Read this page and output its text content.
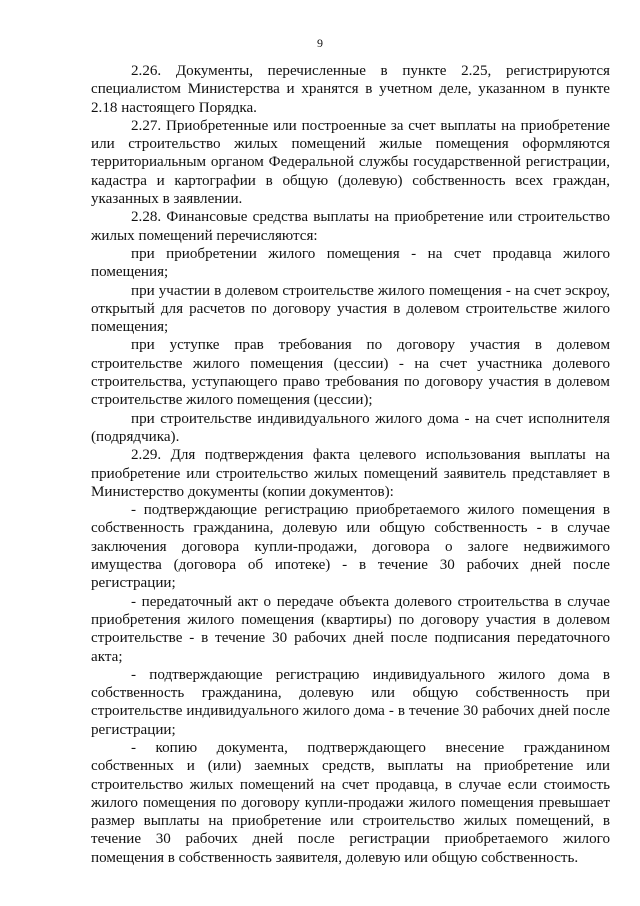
9

2.26. Документы, перечисленные в пункте 2.25, регистрируются специалистом Министерства и хранятся в учетном деле, указанном в пункте 2.18 настоящего Порядка.

2.27. Приобретенные или построенные за счет выплаты на приобретение или строительство жилых помещений жилые помещения оформляются территориальным органом Федеральной службы государственной регистрации, кадастра и картографии в общую (долевую) собственность всех граждан, указанных в заявлении.

2.28. Финансовые средства выплаты на приобретение или строительство жилых помещений перечисляются:

при приобретении жилого помещения - на счет продавца жилого помещения;

при участии в долевом строительстве жилого помещения - на счет эскроу, открытый для расчетов по договору участия в долевом строительстве жилого помещения;

при уступке прав требования по договору участия в долевом строительстве жилого помещения (цессии) - на счет участника долевого строительства, уступающего право требования по договору участия в долевом строительстве жилого помещения (цессии);

при строительстве индивидуального жилого дома - на счет исполнителя (подрядчика).

2.29. Для подтверждения факта целевого использования выплаты на приобретение или строительство жилых помещений заявитель представляет в Министерство документы (копии документов):

- подтверждающие регистрацию приобретаемого жилого помещения в собственность гражданина, долевую или общую собственность - в случае заключения договора купли-продажи, договора о залоге недвижимого имущества (договора об ипотеке) - в течение 30 рабочих дней после регистрации;

- передаточный акт о передаче объекта долевого строительства в случае приобретения жилого помещения (квартиры) по договору участия в долевом строительстве - в течение 30 рабочих дней после подписания передаточного акта;

- подтверждающие регистрацию индивидуального жилого дома в собственность гражданина, долевую или общую собственность при строительстве индивидуального жилого дома - в течение 30 рабочих дней после регистрации;

- копию документа, подтверждающего внесение гражданином собственных и (или) заемных средств, выплаты на приобретение или строительство жилых помещений на счет продавца, в случае если стоимость жилого помещения по договору купли-продажи жилого помещения превышает размер выплаты на приобретение или строительство жилых помещений, в течение 30 рабочих дней после регистрации приобретаемого жилого помещения в собственность заявителя, долевую или общую собственность.
